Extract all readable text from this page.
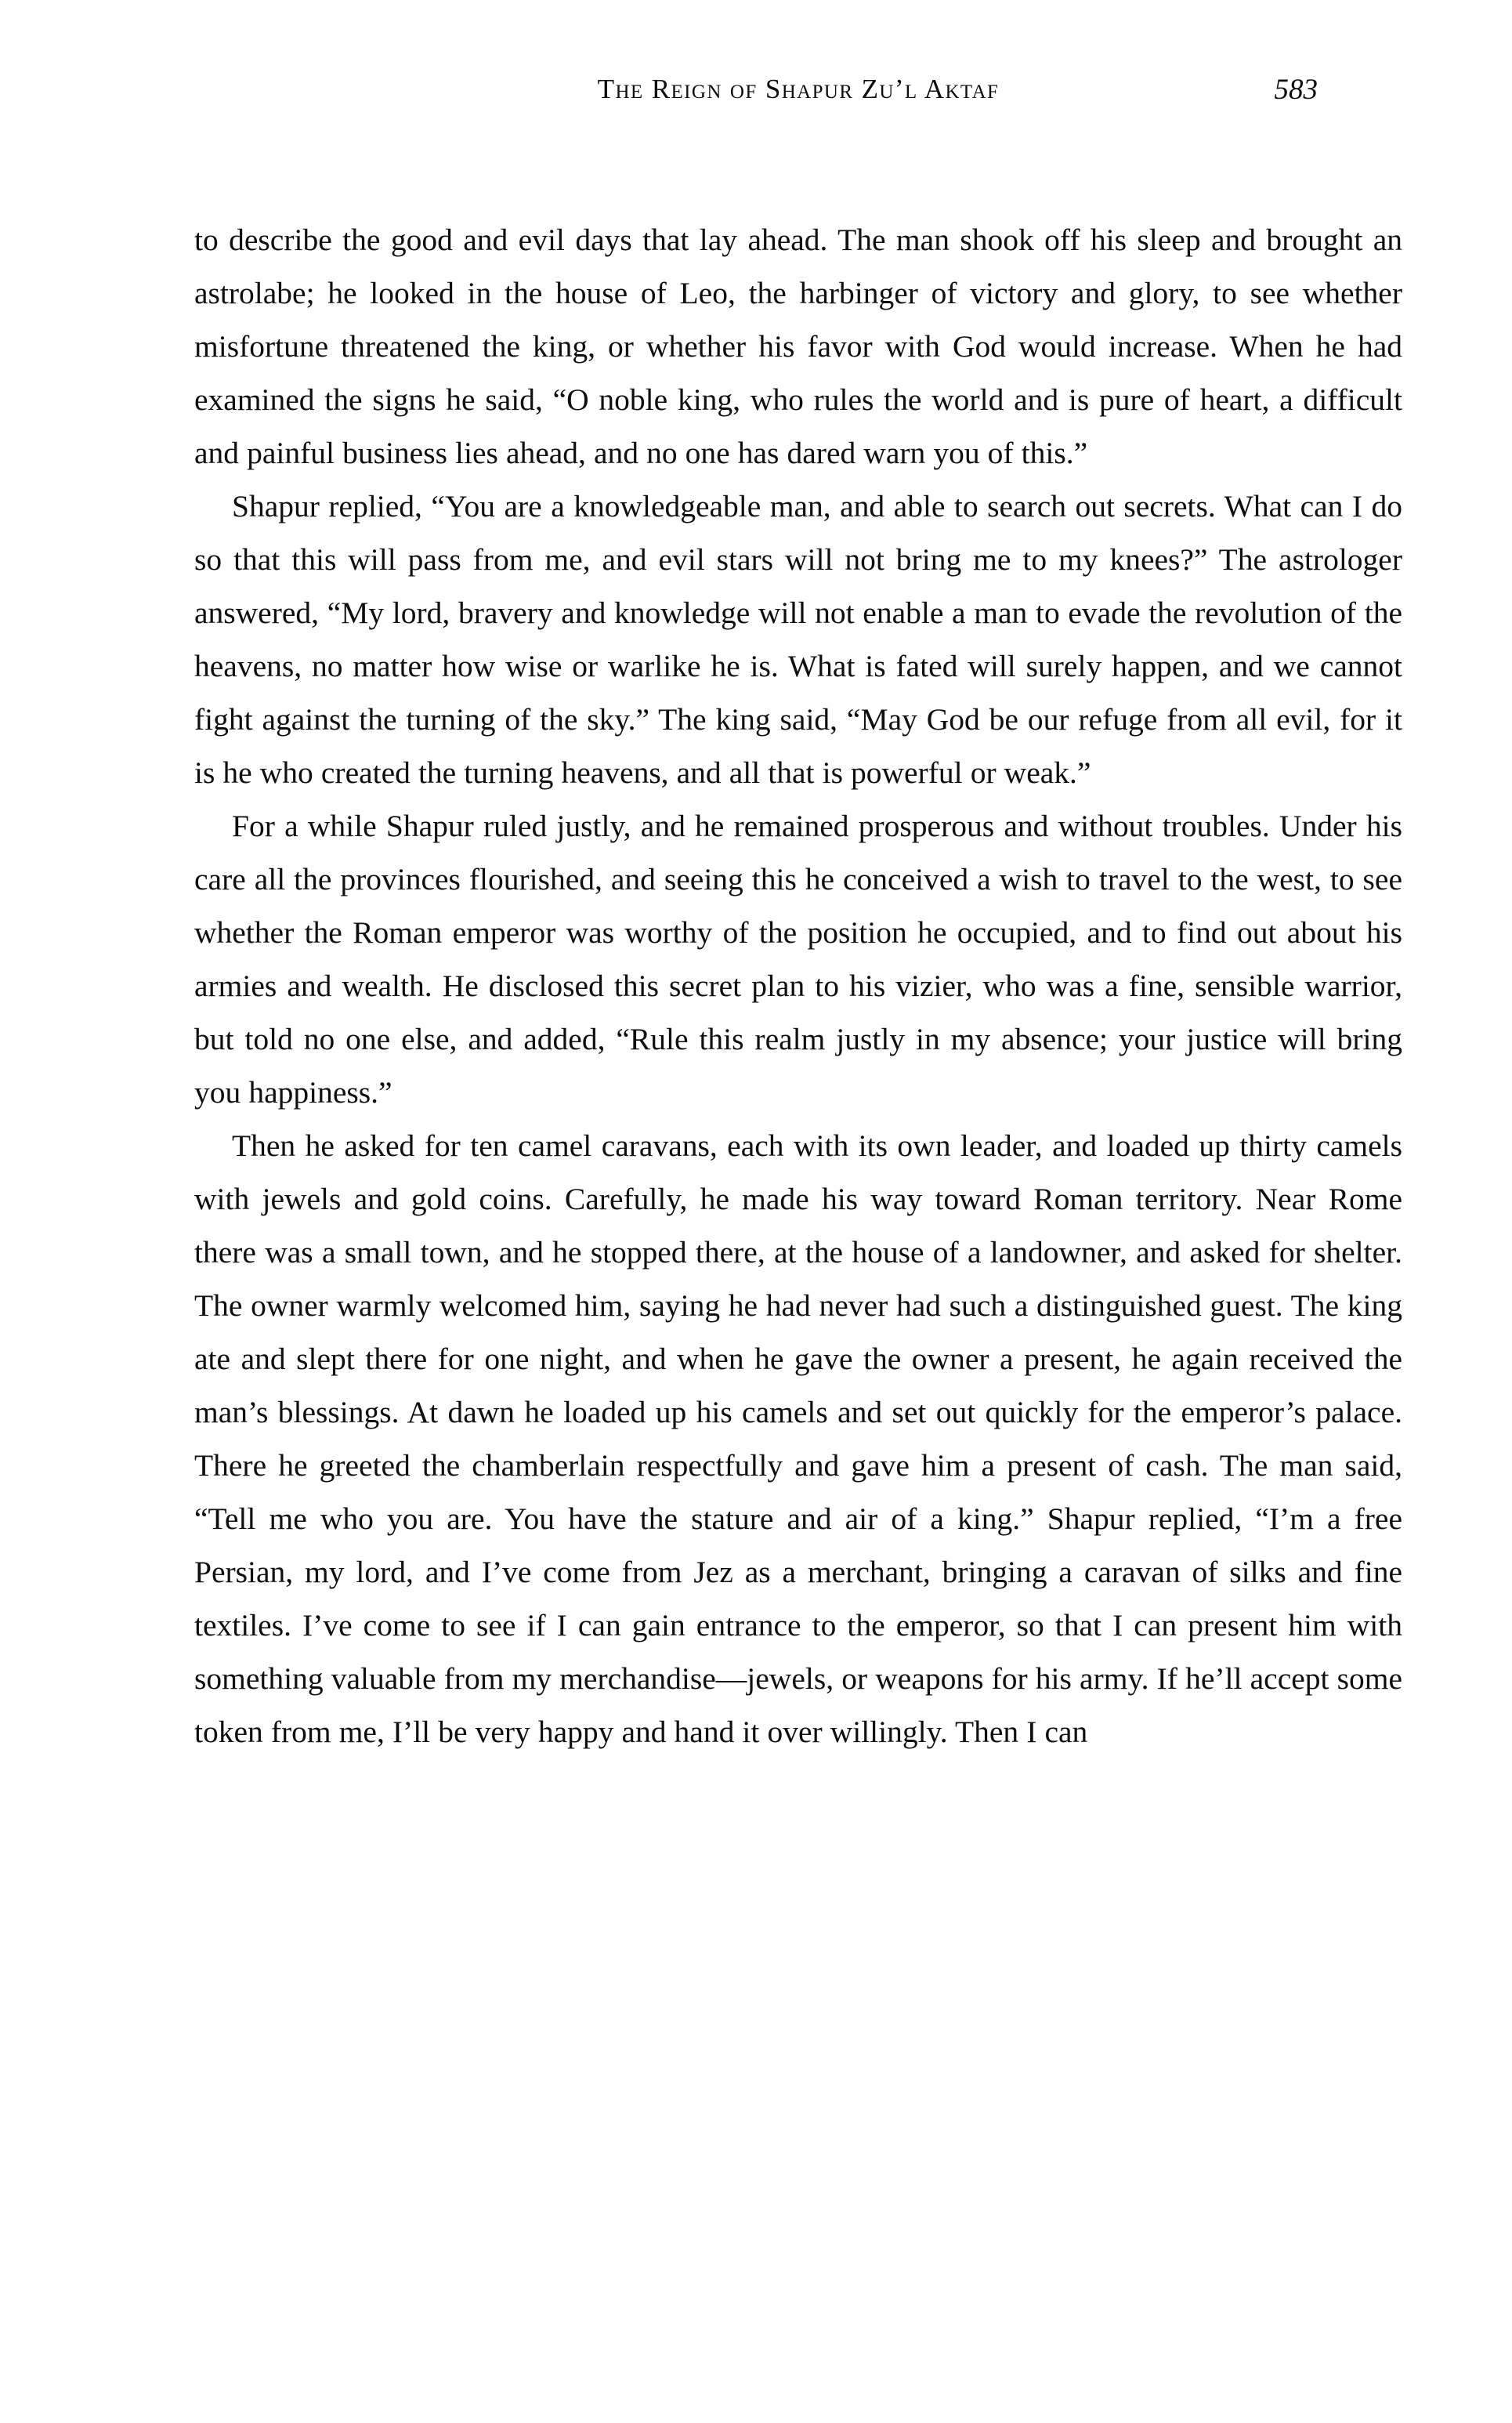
The Reign of Shapur Zu’l Aktaf	583

to describe the good and evil days that lay ahead. The man shook off his sleep and brought an astrolabe; he looked in the house of Leo, the harbinger of victory and glory, to see whether misfortune threatened the king, or whether his favor with God would increase. When he had examined the signs he said, “O noble king, who rules the world and is pure of heart, a difficult and painful business lies ahead, and no one has dared warn you of this.”

Shapur replied, “You are a knowledgeable man, and able to search out secrets. What can I do so that this will pass from me, and evil stars will not bring me to my knees?” The astrologer answered, “My lord, bravery and knowledge will not enable a man to evade the revolution of the heavens, no matter how wise or warlike he is. What is fated will surely happen, and we cannot fight against the turning of the sky.” The king said, “May God be our refuge from all evil, for it is he who created the turning heavens, and all that is powerful or weak.”

For a while Shapur ruled justly, and he remained prosperous and without troubles. Under his care all the provinces flourished, and seeing this he conceived a wish to travel to the west, to see whether the Roman emperor was worthy of the position he occupied, and to find out about his armies and wealth. He disclosed this secret plan to his vizier, who was a fine, sensible warrior, but told no one else, and added, “Rule this realm justly in my absence; your justice will bring you happiness.”

Then he asked for ten camel caravans, each with its own leader, and loaded up thirty camels with jewels and gold coins. Carefully, he made his way toward Roman territory. Near Rome there was a small town, and he stopped there, at the house of a landowner, and asked for shelter. The owner warmly welcomed him, saying he had never had such a distinguished guest. The king ate and slept there for one night, and when he gave the owner a present, he again received the man’s blessings. At dawn he loaded up his camels and set out quickly for the emperor’s palace. There he greeted the chamberlain respectfully and gave him a present of cash. The man said, “Tell me who you are. You have the stature and air of a king.” Shapur replied, “I’m a free Persian, my lord, and I’ve come from Jez as a merchant, bringing a caravan of silks and fine textiles. I’ve come to see if I can gain entrance to the emperor, so that I can present him with something valuable from my merchandise—jewels, or weapons for his army. If he’ll accept some token from me, I’ll be very happy and hand it over willingly. Then I can
